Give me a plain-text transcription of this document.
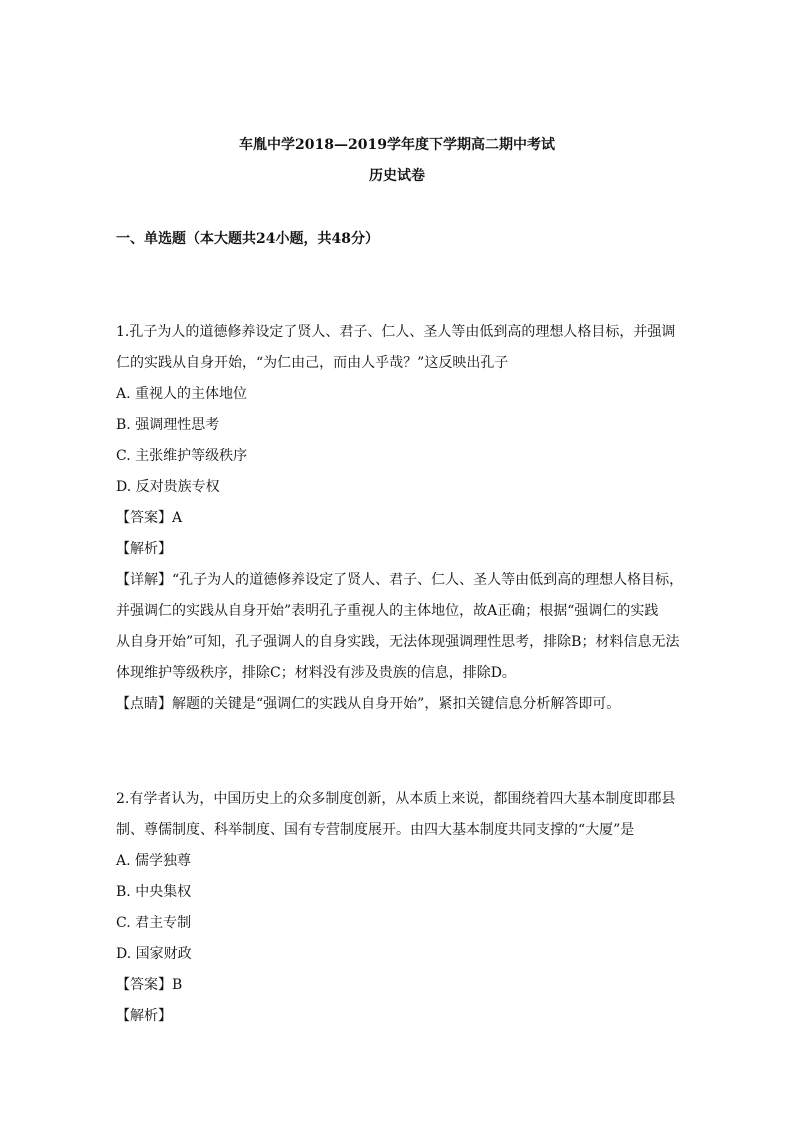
车胤中学2018—2019学年度下学期高二期中考试
历史试卷
一、单选题（本大题共24小题，共48分）
1.孔子为人的道德修养设定了贤人、君子、仁人、圣人等由低到高的理想人格目标，并强调
仁的实践从自身开始，“为仁由己，而由人乎哉？”这反映出孔子
A. 重视人的主体地位
B. 强调理性思考
C. 主张维护等级秩序
D. 反对贵族专权
【答案】A
【解析】
【详解】“孔子为人的道德修养设定了贤人、君子、仁人、圣人等由低到高的理想人格目标，
并强调仁的实践从自身开始”表明孔子重视人的主体地位，故A正确；根据“强调仁的实践
从自身开始”可知，孔子强调人的自身实践，无法体现强调理性思考，排除B；材料信息无法
体现维护等级秩序，排除C；材料没有涉及贵族的信息，排除D。
【点睛】解题的关键是“强调仁的实践从自身开始”，紧扣关键信息分析解答即可。
2.有学者认为，中国历史上的众多制度创新，从本质上来说，都围绕着四大基本制度即郡县
制、尊儒制度、科举制度、国有专营制度展开。由四大基本制度共同支撑的“大厦”是
A. 儒学独尊
B. 中央集权
C. 君主专制
D. 国家财政
【答案】B
【解析】
